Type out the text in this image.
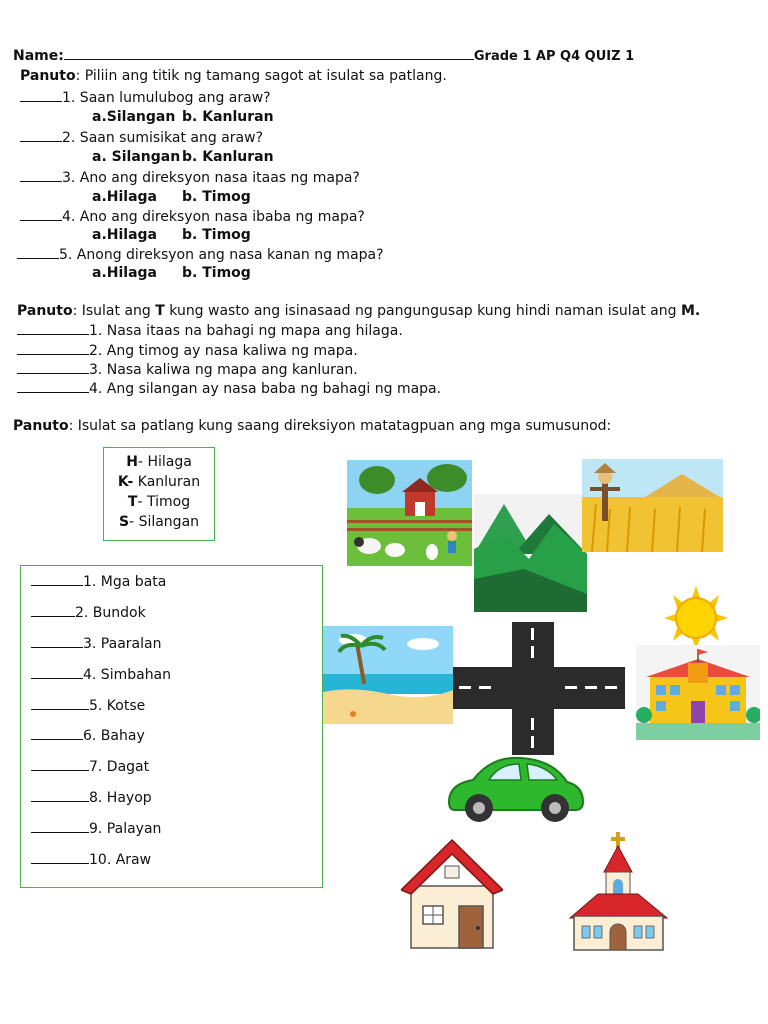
Name:	Grade 1 AP Q4 QUIZ 1
Panuto: Piliin ang titik ng tamang sagot at isulat sa patlang.
1. Saan lumulubog ang araw?
a.Silangan b. Kanluran
2. Saan sumisikat ang araw?
a. Silangan b. Kanluran
3. Ano ang direksyon nasa itaas ng mapa?
a.Hilaga b. Timog
4. Ano ang direksyon nasa ibaba ng mapa?
a.Hilaga b. Timog
5. Anong direksyon ang nasa kanan ng mapa?
a.Hilaga b. Timog
Panuto: Isulat ang T kung wasto ang isinasaad ng pangungusap kung hindi naman isulat ang M.
1. Nasa itaas na bahagi ng mapa ang hilaga.
2. Ang timog ay nasa kaliwa ng mapa.
3. Nasa kaliwa ng mapa ang kanluran.
4. Ang silangan ay nasa baba ng bahagi ng mapa.
Panuto: Isulat sa patlang kung saang direksiyon matatagpuan ang mga sumusunod:
H- Hilaga
K- Kanluran
T- Timog
S- Silangan
1. Mga bata
2. Bundok
3. Paaralan
4. Simbahan
5. Kotse
6. Bahay
7. Dagat
8. Hayop
9. Palayan
10. Araw
